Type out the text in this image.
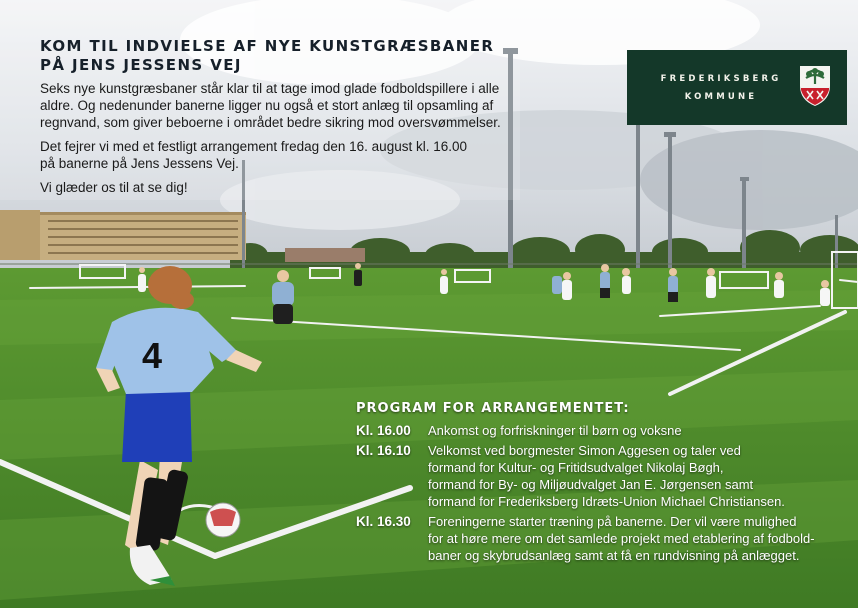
4
KOM TIL INDVIELSE AF NYE KUNSTGRÆSBANER
PÅ JENS JESSENS VEJ

Seks nye kunstgræsbaner står klar til at tage imod glade fodboldspillere i alle
aldre. Og nedenunder banerne ligger nu også et stort anlæg til opsamling af
regnvand, som giver beboerne i området bedre sikring mod oversvømmelser.

Det fejrer vi med et festligt arrangement fredag den 16. august kl. 16.00
på banerne på Jens Jessens Vej.

Vi glæder os til at se dig!

FREDERIKSBERG
KOMMUNE
PROGRAM FOR ARRANGEMENTET:
Kl. 16.00	Ankomst og forfriskninger til børn og voksne
Kl. 16.10	Velkomst ved borgmester Simon Aggesen og taler ved
formand for Kultur- og Fritidsudvalget Nikolaj Bøgh,
formand for By- og Miljøudvalget Jan E. Jørgensen samt
formand for Frederiksberg Idræts-Union Michael Christiansen.
Kl. 16.30	Foreningerne starter træning på banerne. Der vil være mulighed
for at høre mere om det samlede projekt med etablering af fodbold-
baner og skybrudsanlæg samt at få en rundvisning på anlægget.
